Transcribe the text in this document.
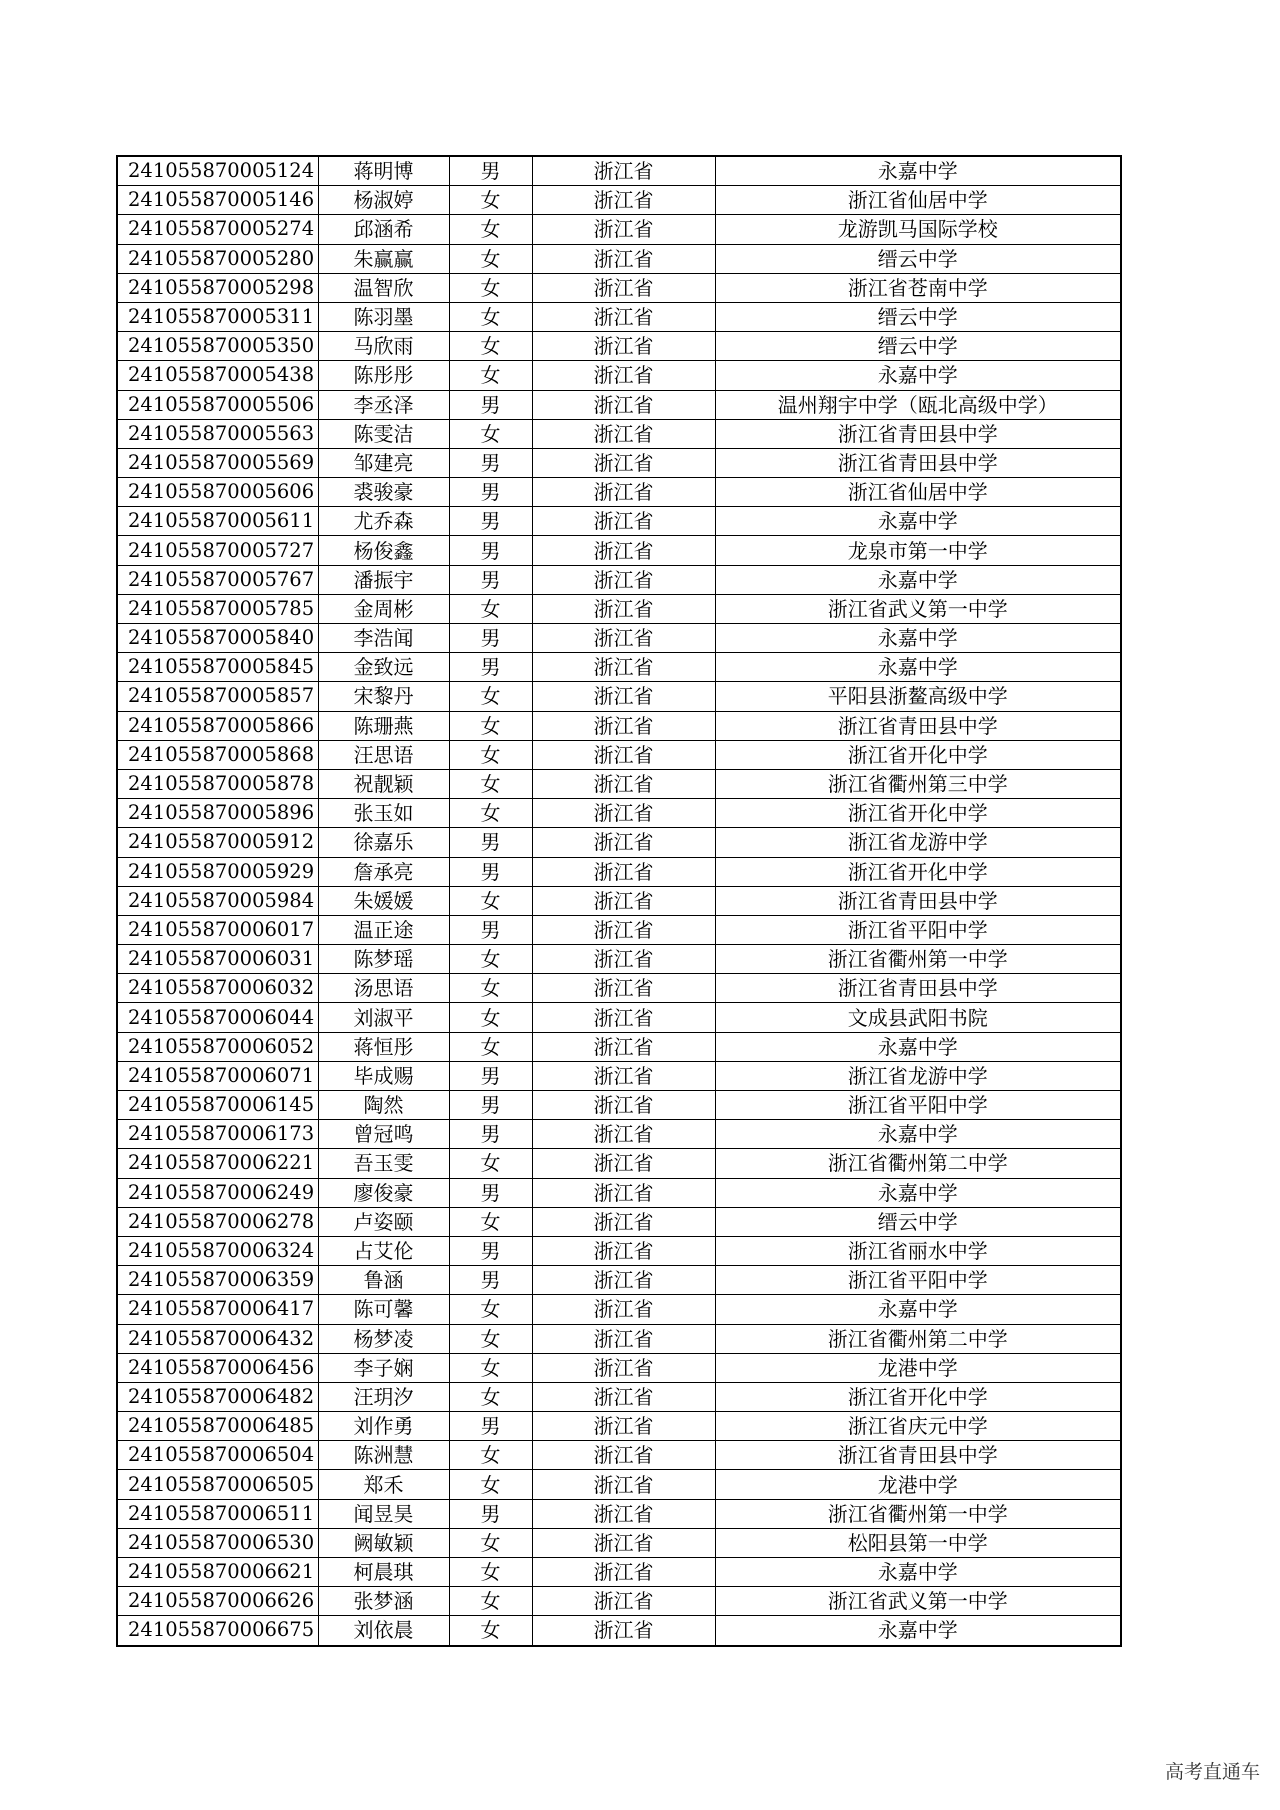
241055870005124	蒋明博	男	浙江省	永嘉中学
241055870005146	杨淑婷	女	浙江省	浙江省仙居中学
241055870005274	邱涵希	女	浙江省	龙游凯马国际学校
241055870005280	朱赢赢	女	浙江省	缙云中学
241055870005298	温智欣	女	浙江省	浙江省苍南中学
241055870005311	陈羽墨	女	浙江省	缙云中学
241055870005350	马欣雨	女	浙江省	缙云中学
241055870005438	陈彤彤	女	浙江省	永嘉中学
241055870005506	李丞泽	男	浙江省	温州翔宇中学（瓯北高级中学）
241055870005563	陈雯洁	女	浙江省	浙江省青田县中学
241055870005569	邹建亮	男	浙江省	浙江省青田县中学
241055870005606	裘骏豪	男	浙江省	浙江省仙居中学
241055870005611	尤乔森	男	浙江省	永嘉中学
241055870005727	杨俊鑫	男	浙江省	龙泉市第一中学
241055870005767	潘振宇	男	浙江省	永嘉中学
241055870005785	金周彬	女	浙江省	浙江省武义第一中学
241055870005840	李浩闻	男	浙江省	永嘉中学
241055870005845	金致远	男	浙江省	永嘉中学
241055870005857	宋黎丹	女	浙江省	平阳县浙鳌高级中学
241055870005866	陈珊燕	女	浙江省	浙江省青田县中学
241055870005868	汪思语	女	浙江省	浙江省开化中学
241055870005878	祝靓颖	女	浙江省	浙江省衢州第三中学
241055870005896	张玉如	女	浙江省	浙江省开化中学
241055870005912	徐嘉乐	男	浙江省	浙江省龙游中学
241055870005929	詹承亮	男	浙江省	浙江省开化中学
241055870005984	朱媛媛	女	浙江省	浙江省青田县中学
241055870006017	温正途	男	浙江省	浙江省平阳中学
241055870006031	陈梦瑶	女	浙江省	浙江省衢州第一中学
241055870006032	汤思语	女	浙江省	浙江省青田县中学
241055870006044	刘淑平	女	浙江省	文成县武阳书院
241055870006052	蒋恒彤	女	浙江省	永嘉中学
241055870006071	毕成赐	男	浙江省	浙江省龙游中学
241055870006145	陶然	男	浙江省	浙江省平阳中学
241055870006173	曾冠鸣	男	浙江省	永嘉中学
241055870006221	吾玉雯	女	浙江省	浙江省衢州第二中学
241055870006249	廖俊豪	男	浙江省	永嘉中学
241055870006278	卢姿颐	女	浙江省	缙云中学
241055870006324	占艾伦	男	浙江省	浙江省丽水中学
241055870006359	鲁涵	男	浙江省	浙江省平阳中学
241055870006417	陈可馨	女	浙江省	永嘉中学
241055870006432	杨梦凌	女	浙江省	浙江省衢州第二中学
241055870006456	李子娴	女	浙江省	龙港中学
241055870006482	汪玥汐	女	浙江省	浙江省开化中学
241055870006485	刘作勇	男	浙江省	浙江省庆元中学
241055870006504	陈洲慧	女	浙江省	浙江省青田县中学
241055870006505	郑禾	女	浙江省	龙港中学
241055870006511	闻昱昊	男	浙江省	浙江省衢州第一中学
241055870006530	阙敏颖	女	浙江省	松阳县第一中学
241055870006621	柯晨琪	女	浙江省	永嘉中学
241055870006626	张梦涵	女	浙江省	浙江省武义第一中学
241055870006675	刘依晨	女	浙江省	永嘉中学
高考直通车
